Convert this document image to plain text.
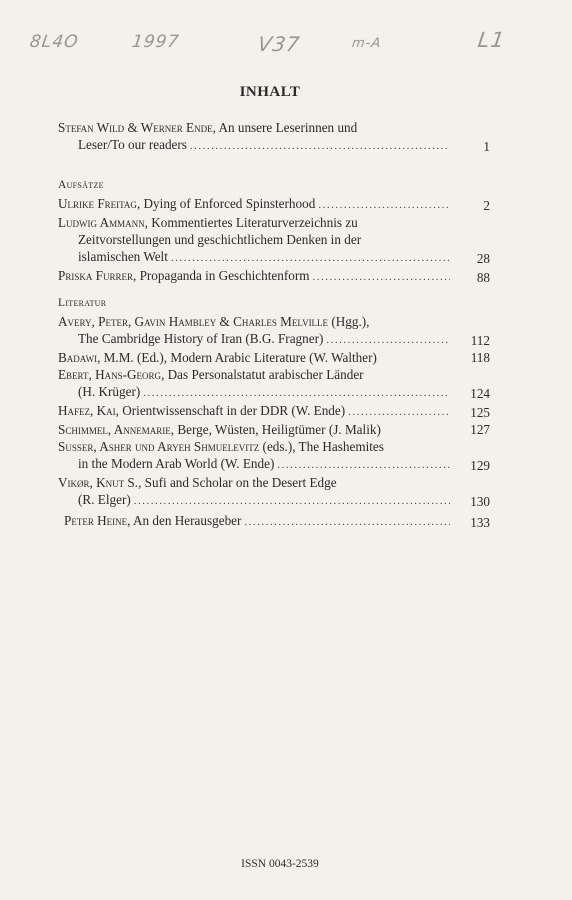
8L4O	1997	V37	m-A	L1
INHALT
Stefan Wild & Werner Ende, An unsere Leserinnen und
Leser/To our readers .....	1
Aufsätze
Ulrike Freitag, Dying of Enforced Spinsterhood .....	2
Ludwig Ammann, Kommentiertes Literaturverzeichnis zu
Zeitvorstellungen und geschichtlichem Denken in der
islamischen Welt .....	28
Priska Furrer, Propaganda in Geschichtenform .....	88
Literatur
Avery, Peter, Gavin Hambley & Charles Melville (Hgg.),
The Cambridge History of Iran (B.G. Fragner) .....	112
Badawi, M.M. (Ed.), Modern Arabic Literature (W. Walther)	118
Ebert, Hans-Georg, Das Personalstatut arabischer Länder
(H. Krüger) .....	124
Hafez, Kai, Orientwissenschaft in der DDR (W. Ende) .....	125
Schimmel, Annemarie, Berge, Wüsten, Heiligtümer (J. Malik)	127
Susser, Asher und Aryeh Shmuelevitz (eds.), The Hashemites
in the Modern Arab World (W. Ende) .....	129
Vikør, Knut S., Sufi and Scholar on the Desert Edge
(R. Elger) .....	130
Peter Heine, An den Herausgeber .....	133
ISSN 0043-2539
